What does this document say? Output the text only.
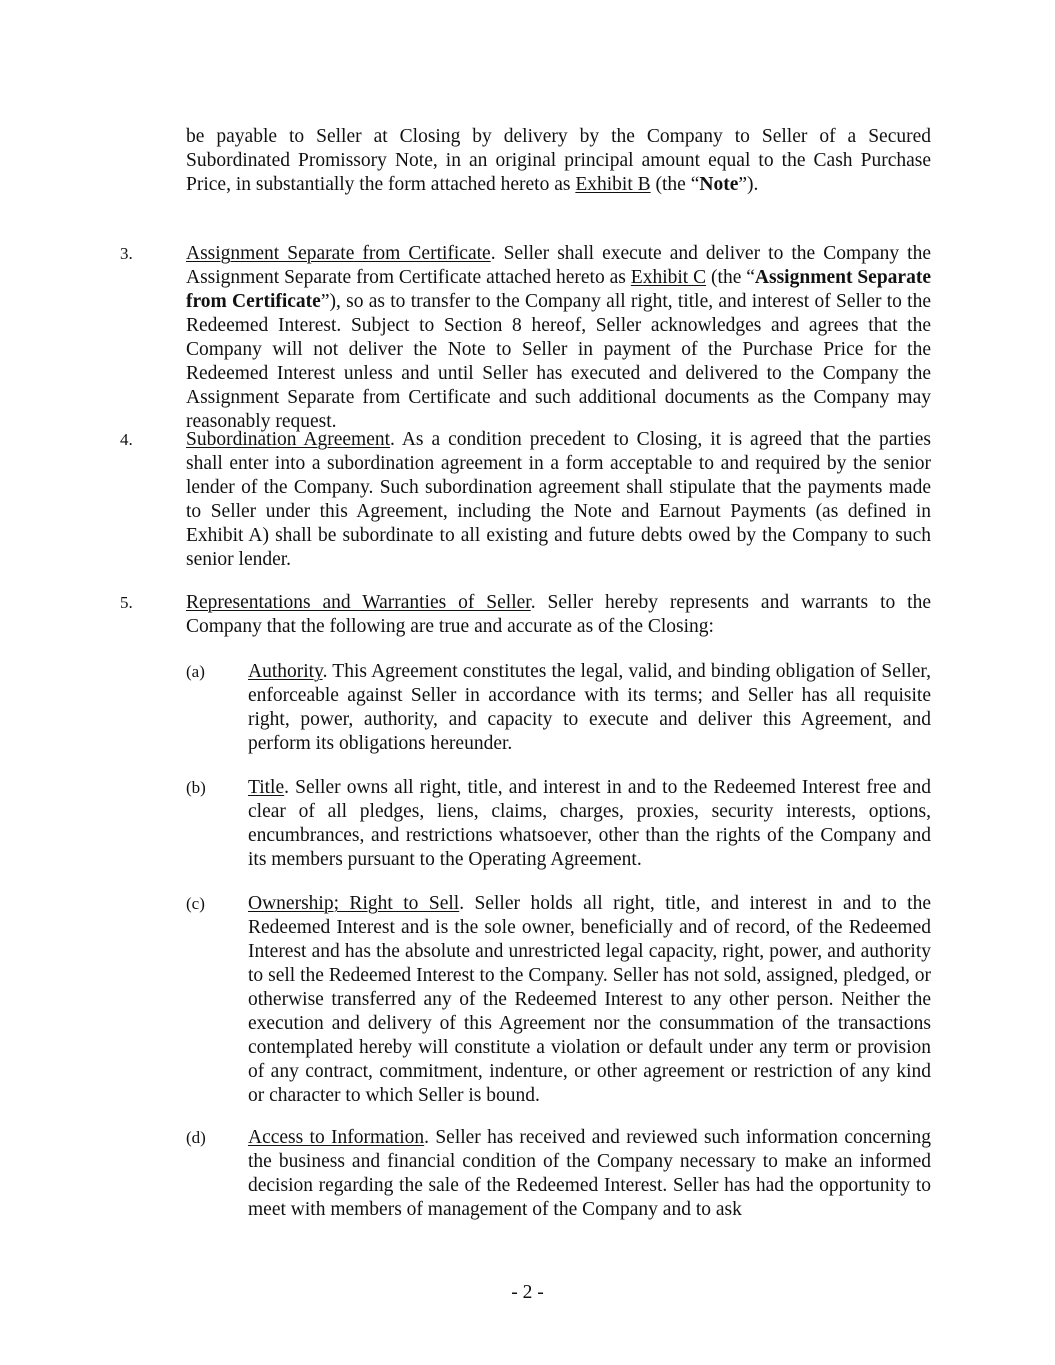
be payable to Seller at Closing by delivery by the Company to Seller of a Secured Subordinated Promissory Note, in an original principal amount equal to the Cash Purchase Price, in substantially the form attached hereto as Exhibit B (the “Note”).
3.	Assignment Separate from Certificate. Seller shall execute and deliver to the Company the Assignment Separate from Certificate attached hereto as Exhibit C (the “Assignment Separate from Certificate”), so as to transfer to the Company all right, title, and interest of Seller to the Redeemed Interest. Subject to Section 8 hereof, Seller acknowledges and agrees that the Company will not deliver the Note to Seller in payment of the Purchase Price for the Redeemed Interest unless and until Seller has executed and delivered to the Company the Assignment Separate from Certificate and such additional documents as the Company may reasonably request.
4.	Subordination Agreement. As a condition precedent to Closing, it is agreed that the parties shall enter into a subordination agreement in a form acceptable to and required by the senior lender of the Company. Such subordination agreement shall stipulate that the payments made to Seller under this Agreement, including the Note and Earnout Payments (as defined in Exhibit A) shall be subordinate to all existing and future debts owed by the Company to such senior lender.
5.	Representations and Warranties of Seller. Seller hereby represents and warrants to the Company that the following are true and accurate as of the Closing:
(a)	Authority. This Agreement constitutes the legal, valid, and binding obligation of Seller, enforceable against Seller in accordance with its terms; and Seller has all requisite right, power, authority, and capacity to execute and deliver this Agreement, and perform its obligations hereunder.
(b)	Title. Seller owns all right, title, and interest in and to the Redeemed Interest free and clear of all pledges, liens, claims, charges, proxies, security interests, options, encumbrances, and restrictions whatsoever, other than the rights of the Company and its members pursuant to the Operating Agreement.
(c)	Ownership; Right to Sell. Seller holds all right, title, and interest in and to the Redeemed Interest and is the sole owner, beneficially and of record, of the Redeemed Interest and has the absolute and unrestricted legal capacity, right, power, and authority to sell the Redeemed Interest to the Company. Seller has not sold, assigned, pledged, or otherwise transferred any of the Redeemed Interest to any other person. Neither the execution and delivery of this Agreement nor the consummation of the transactions contemplated hereby will constitute a violation or default under any term or provision of any contract, commitment, indenture, or other agreement or restriction of any kind or character to which Seller is bound.
(d)	Access to Information. Seller has received and reviewed such information concerning the business and financial condition of the Company necessary to make an informed decision regarding the sale of the Redeemed Interest. Seller has had the opportunity to meet with members of management of the Company and to ask
- 2 -
